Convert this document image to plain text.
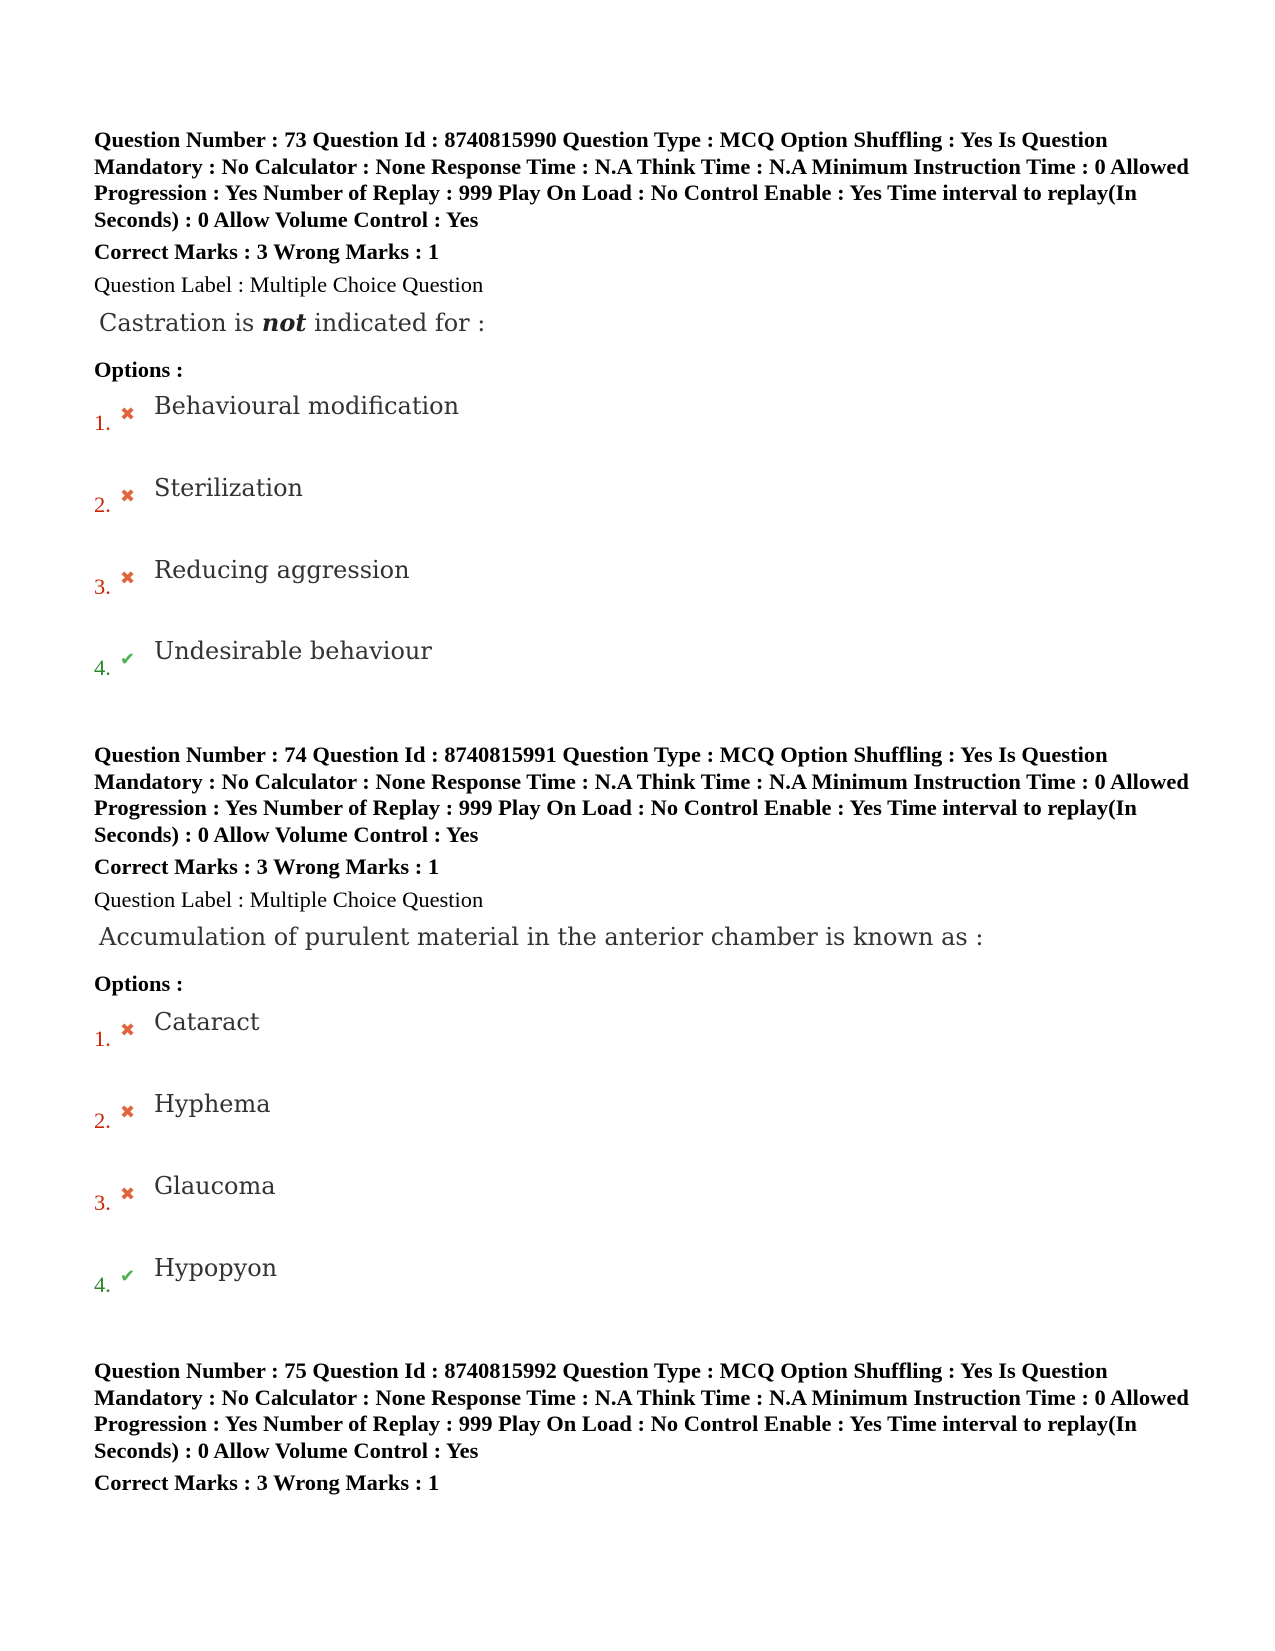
Question Number : 73 Question Id : 8740815990 Question Type : MCQ Option Shuffling : Yes Is Question Mandatory : No Calculator : None Response Time : N.A Think Time : N.A Minimum Instruction Time : 0 Allowed Progression : Yes Number of Replay : 999 Play On Load : No Control Enable : Yes Time interval to replay(In Seconds) : 0 Allow Volume Control : Yes

Correct Marks : 3 Wrong Marks : 1
Question Label : Multiple Choice Question
Castration is not indicated for :
Options :
1. ✖ Behavioural modification
2. ✖ Sterilization
3. ✖ Reducing aggression
4. ✔ Undesirable behaviour

Question Number : 74 Question Id : 8740815991 Question Type : MCQ Option Shuffling : Yes Is Question Mandatory : No Calculator : None Response Time : N.A Think Time : N.A Minimum Instruction Time : 0 Allowed Progression : Yes Number of Replay : 999 Play On Load : No Control Enable : Yes Time interval to replay(In Seconds) : 0 Allow Volume Control : Yes

Correct Marks : 3 Wrong Marks : 1
Question Label : Multiple Choice Question
Accumulation of purulent material in the anterior chamber is known as :
Options :
1. ✖ Cataract
2. ✖ Hyphema
3. ✖ Glaucoma
4. ✔ Hypopyon

Question Number : 75 Question Id : 8740815992 Question Type : MCQ Option Shuffling : Yes Is Question Mandatory : No Calculator : None Response Time : N.A Think Time : N.A Minimum Instruction Time : 0 Allowed Progression : Yes Number of Replay : 999 Play On Load : No Control Enable : Yes Time interval to replay(In Seconds) : 0 Allow Volume Control : Yes

Correct Marks : 3 Wrong Marks : 1
